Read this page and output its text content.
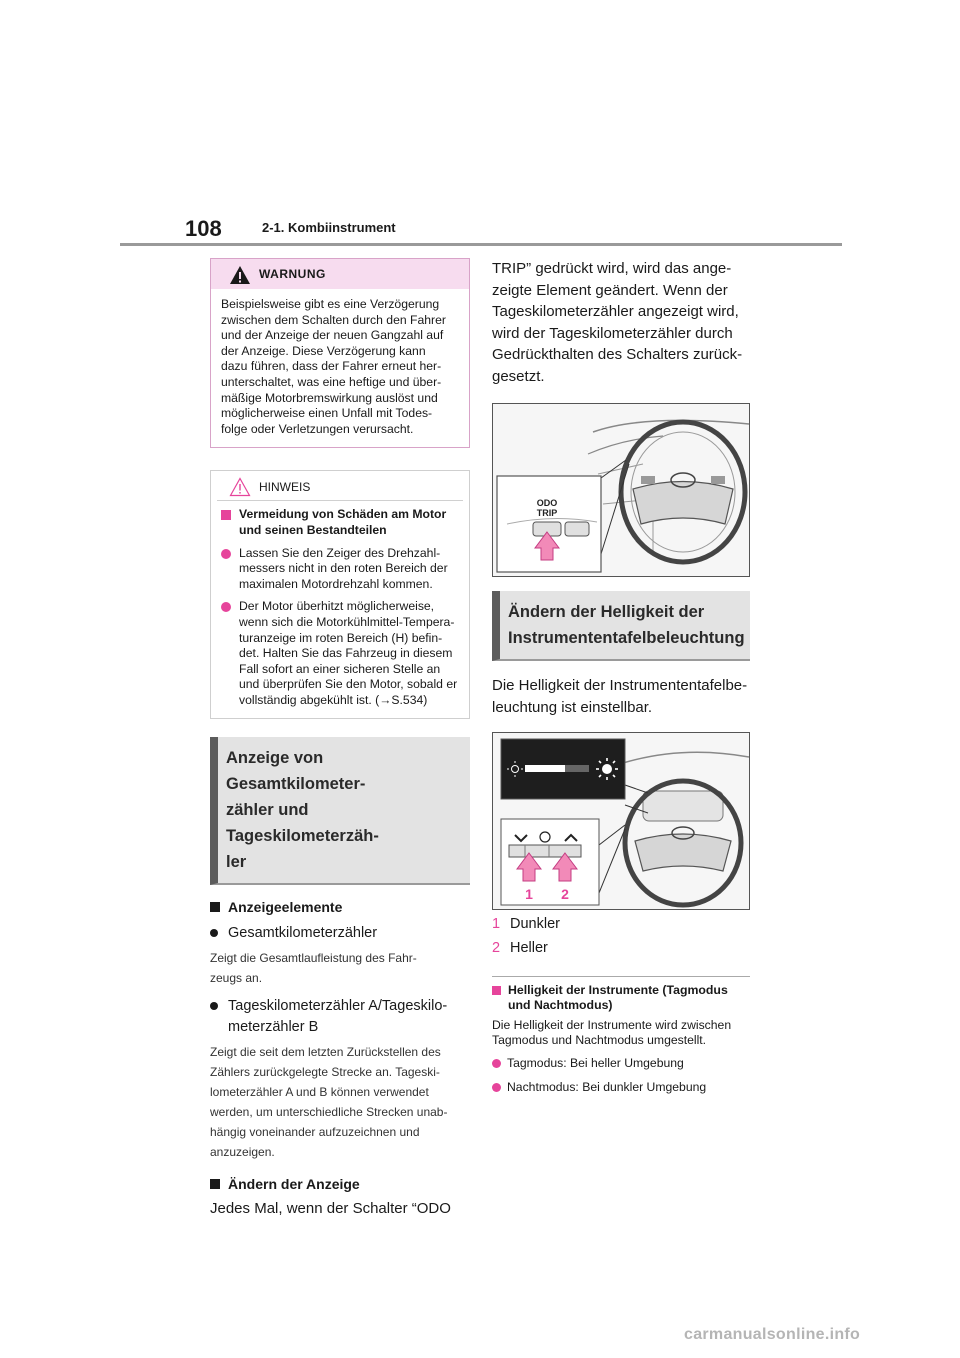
108	2-1. Kombiinstrument
WARNUNG
Beispielsweise gibt es eine Verzögerung
zwischen dem Schalten durch den Fahrer
und der Anzeige der neuen Gangzahl auf
der Anzeige. Diese Verzögerung kann
dazu führen, dass der Fahrer erneut her-
unterschaltet, was eine heftige und über-
mäßige Motorbremswirkung auslöst und
möglicherweise einen Unfall mit Todes-
folge oder Verletzungen verursacht.
HINWEIS
Vermeidung von Schäden am Motor
und seinen Bestandteilen
Lassen Sie den Zeiger des Drehzahl-
messers nicht in den roten Bereich der
maximalen Motordrehzahl kommen.
Der Motor überhitzt möglicherweise,
wenn sich die Motorkühlmittel-Tempera-
turanzeige im roten Bereich (H) befin-
det. Halten Sie das Fahrzeug in diesem
Fall sofort an einer sicheren Stelle an
und überprüfen Sie den Motor, sobald er
vollständig abgekühlt ist. (→S.534)
Anzeige von Gesamtkilometer-
zähler und Tageskilometerzäh-
ler
Anzeigeelemente
Gesamtkilometerzähler
Zeigt die Gesamtlaufleistung des Fahr-
zeugs an.
Tageskilometerzähler A/Tageskilo-
meterzähler B
Zeigt die seit dem letzten Zurückstellen des
Zählers zurückgelegte Strecke an. Tageski-
lometerzähler A und B können verwendet
werden, um unterschiedliche Strecken unab-
hängig voneinander aufzuzeichnen und
anzuzeigen.
Ändern der Anzeige
Jedes Mal, wenn der Schalter “ODO
TRIP” gedrückt wird, wird das ange-
zeigte Element geändert. Wenn der
Tageskilometerzähler angezeigt wird,
wird der Tageskilometerzähler durch
Gedrückthalten des Schalters zurück-
gesetzt.
ODO
TRIP
Ändern der Helligkeit der
Instrumententafelbeleuchtung
Die Helligkeit der Instrumententafelbe-
leuchtung ist einstellbar.
1 2
1 Dunkler
2 Heller
Helligkeit der Instrumente (Tagmodus
und Nachtmodus)
Die Helligkeit der Instrumente wird zwischen
Tagmodus und Nachtmodus umgestellt.
Tagmodus: Bei heller Umgebung
Nachtmodus: Bei dunkler Umgebung
carmanualsonline.info
